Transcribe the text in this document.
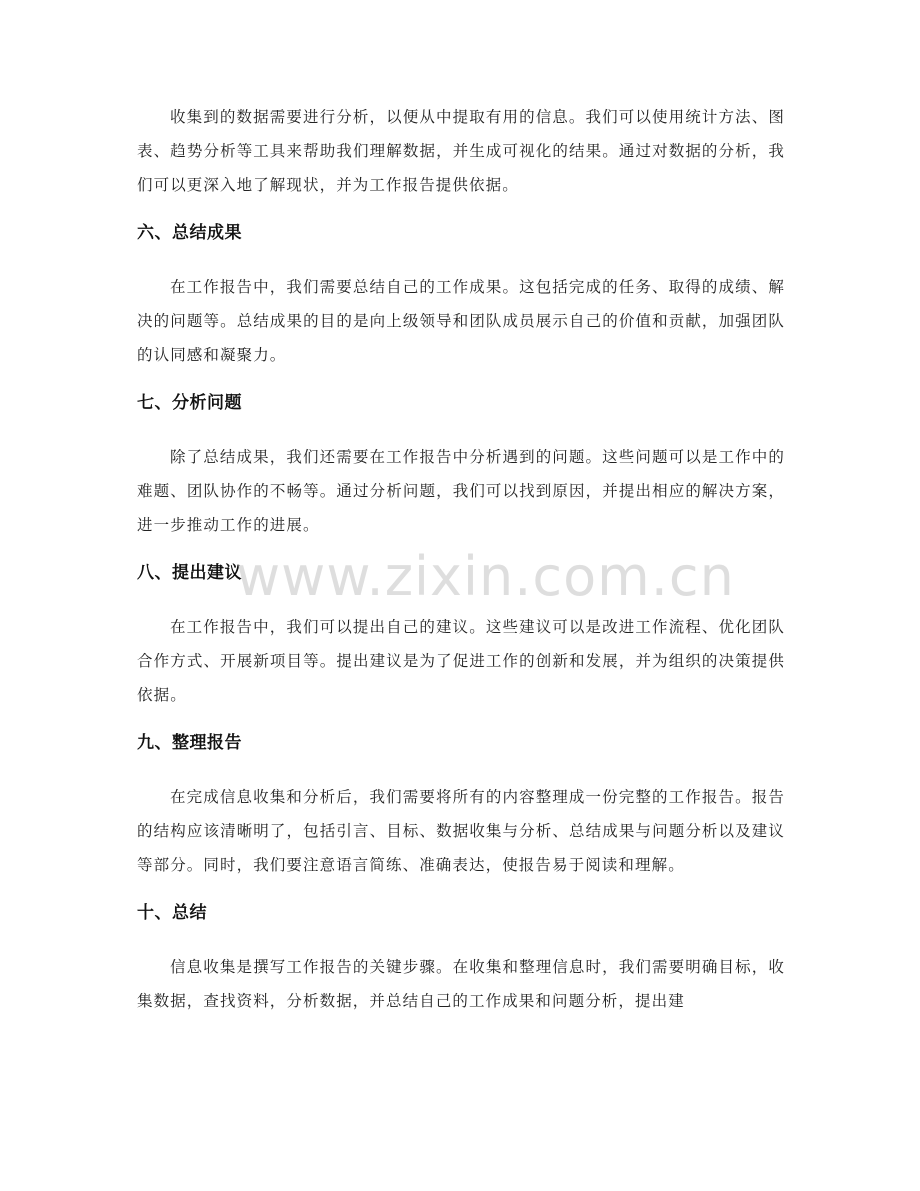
收集到的数据需要进行分析，以便从中提取有用的信息。我们可以使用统计方法、图表、趋势分析等工具来帮助我们理解数据，并生成可视化的结果。通过对数据的分析，我们可以更深入地了解现状，并为工作报告提供依据。

六、总结成果

在工作报告中，我们需要总结自己的工作成果。这包括完成的任务、取得的成绩、解决的问题等。总结成果的目的是向上级领导和团队成员展示自己的价值和贡献，加强团队的认同感和凝聚力。

七、分析问题

除了总结成果，我们还需要在工作报告中分析遇到的问题。这些问题可以是工作中的难题、团队协作的不畅等。通过分析问题，我们可以找到原因，并提出相应的解决方案，进一步推动工作的进展。

八、提出建议

在工作报告中，我们可以提出自己的建议。这些建议可以是改进工作流程、优化团队合作方式、开展新项目等。提出建议是为了促进工作的创新和发展，并为组织的决策提供依据。

九、整理报告

在完成信息收集和分析后，我们需要将所有的内容整理成一份完整的工作报告。报告的结构应该清晰明了，包括引言、目标、数据收集与分析、总结成果与问题分析以及建议等部分。同时，我们要注意语言简练、准确表达，使报告易于阅读和理解。

十、总结

信息收集是撰写工作报告的关键步骤。在收集和整理信息时，我们需要明确目标，收集数据，查找资料，分析数据，并总结自己的工作成果和问题分析，提出建

www.zixin.com.cn
